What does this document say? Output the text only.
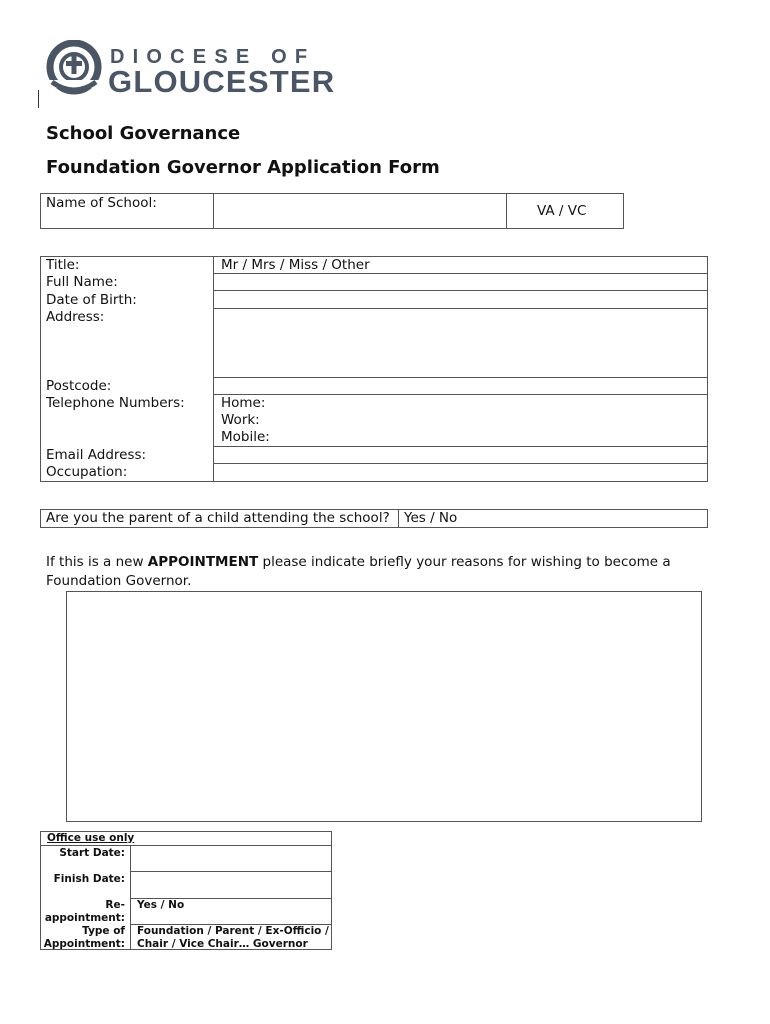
DIOCESE OF
GLOUCESTER
School Governance
Foundation Governor Application Form
Name of School:	VA / VC
Title:
Full Name:
Date of Birth:
Address:
Postcode:
Telephone Numbers:
Email Address:
Occupation:
Mr / Mrs / Miss / Other
Home:
Work:
Mobile:
Are you the parent of a child attending the school? Yes / No
If this is a new APPOINTMENT please indicate briefly your reasons for wishing to become a Foundation Governor.
Office use only
Start Date:
Finish Date:
Re-
appointment:
Type of
Appointment:
Yes / No
Foundation / Parent / Ex-Officio /
Chair / Vice Chair… Governor
